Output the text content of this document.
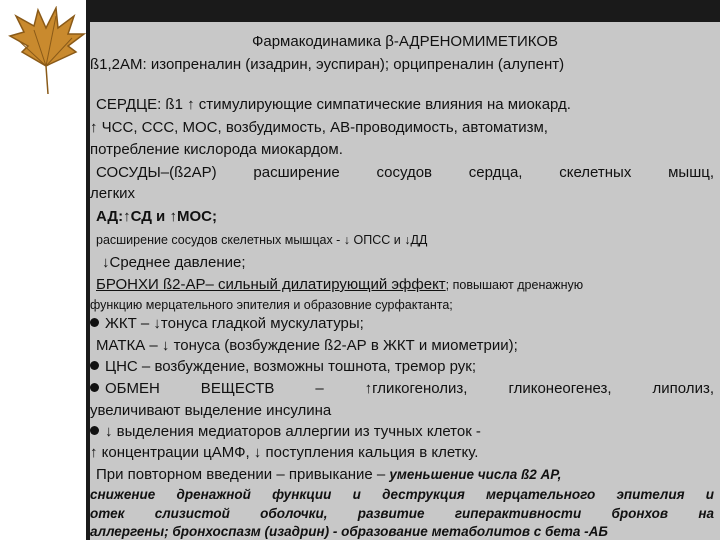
Фармакодинамика β‑АДРЕНОМИМЕТИКОВ
ß1,2АМ: изопреналин (изадрин, эуспиран); орципреналин (алупент)
СЕРДЦЕ: ß1 ↑ стимулирующие симпатические влияния на миокард.
↑ ЧСС, ССС, МОС, возбудимость, АВ-проводимость, автоматизм,
потребление кислорода миокардом.
СОСУДЫ–(ß2АР) расширение сосудов сердца, скелетных мышц,
легких
АД:↑СД и ↑МОС;
расширение сосудов скелетных мышцах - ↓ ОПСС и ↓ДД
↓Среднее давление;
БРОНХИ ß2-АР– сильный дилатирующий эффект; повышают дренажную
функцию мерцательного эпителия и образовние сурфактанта;
ЖКТ – ↓тонуса гладкой мускулатуры;
МАТКА – ↓ тонуса (возбуждение ß2‑АР в ЖКТ и миометрии);
ЦНС – возбуждение, возможны тошнота, тремор рук;
ОБМЕН ВЕЩЕСТВ – ↑гликогенолиз, гликонеогенез, липолиз,
увеличивают выделение инсулина
↓ выделения медиаторов аллергии из тучных клеток -
↑ концентрации цАМФ, ↓ поступления кальция в клетку.
При повторном введении – привыкание – уменьшение числа ß2 АР,
снижение дренажной функции и деструкция мерцательного эпителия и
отек слизистой оболочки, развитие гиперактивности бронхов на
аллергены; бронхоспазм (изадрин) - образование метаболитов с бета -АБ
